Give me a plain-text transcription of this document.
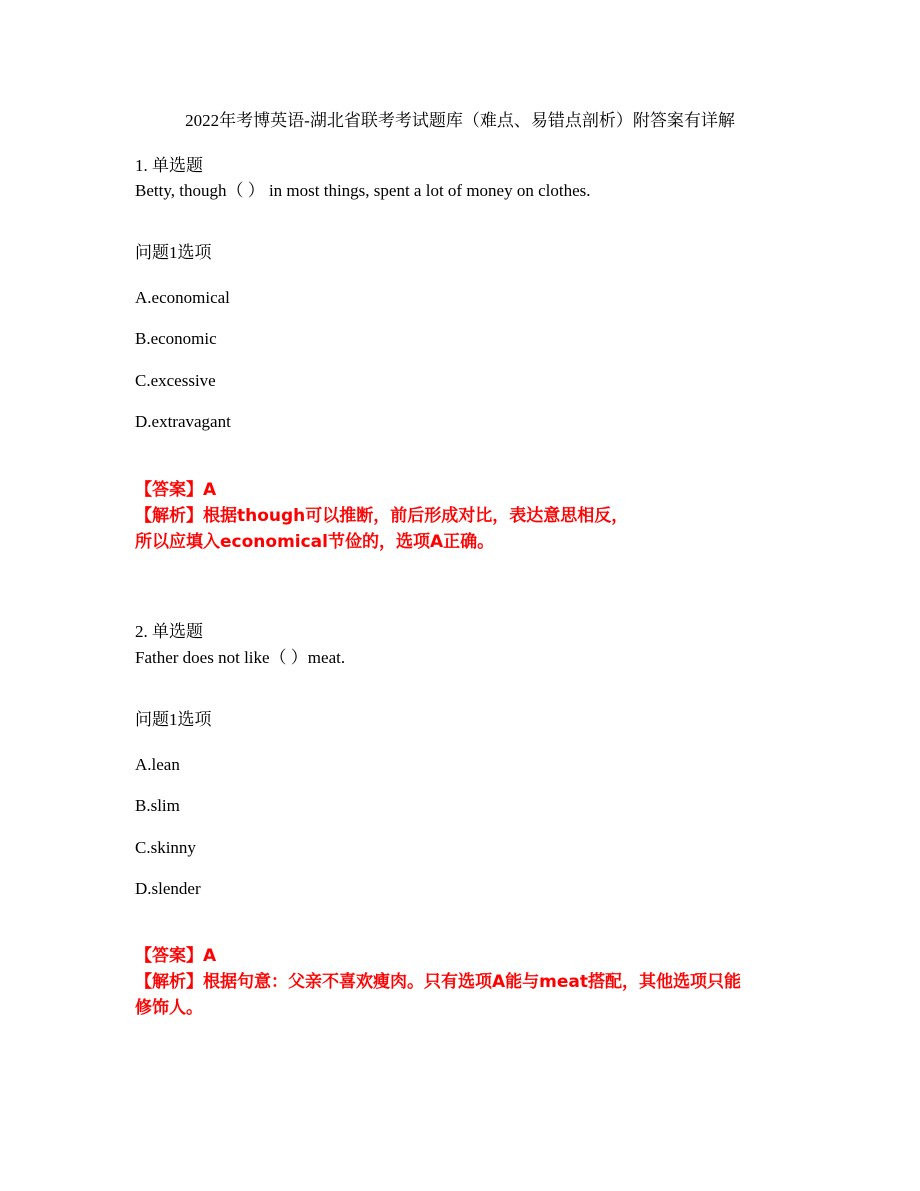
2022年考博英语-湖北省联考考试题库（难点、易错点剖析）附答案有详解
1. 单选题
Betty, though（ ） in most things, spent a lot of money on clothes.
问题1选项
A.economical
B.economic
C.excessive
D.extravagant
【答案】A
【解析】根据though可以推断，前后形成对比，表达意思相反，
所以应填入economical节俭的，选项A正确。
2. 单选题
Father does not like（ ）meat.
问题1选项
A.lean
B.slim
C.skinny
D.slender
【答案】A
【解析】根据句意：父亲不喜欢瘦肉。只有选项A能与meat搭配，其他选项只能
修饰人。
